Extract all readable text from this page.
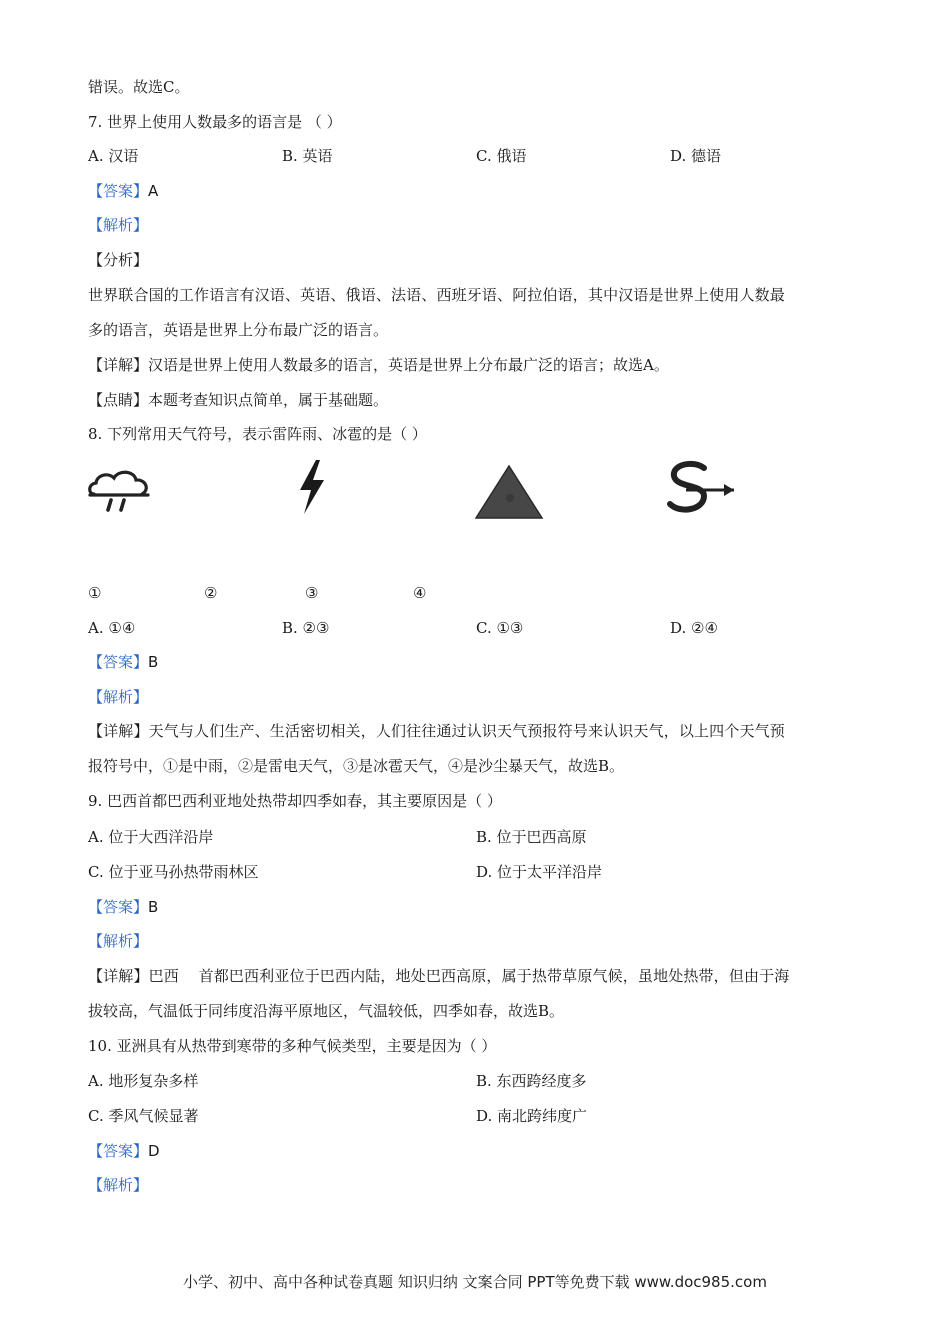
错误。故选C。
7. 世界上使用人数最多的语言是 （ ）
A. 汉语	B. 英语	C. 俄语	D. 德语
【答案】A
【解析】
【分析】
世界联合国的工作语言有汉语、英语、俄语、法语、西班牙语、阿拉伯语，其中汉语是世界上使用人数最
多的语言，英语是世界上分布最广泛的语言。
【详解】汉语是世界上使用人数最多的语言，英语是世界上分布最广泛的语言；故选A。
【点睛】本题考查知识点简单，属于基础题。
8. 下列常用天气符号，表示雷阵雨、冰雹的是（ ）
①	②	③	④
A. ①④	B. ②③	C. ①③	D. ②④
【答案】B
【解析】
【详解】天气与人们生产、生活密切相关，人们往往通过认识天气预报符号来认识天气，以上四个天气预
报符号中，①是中雨，②是雷电天气，③是冰雹天气，④是沙尘暴天气，故选B。
9. 巴西首都巴西利亚地处热带却四季如春，其主要原因是（ ）
A. 位于大西洋沿岸	B. 位于巴西高原
C. 位于亚马孙热带雨林区	D. 位于太平洋沿岸
【答案】B
【解析】
【详解】巴西    首都巴西利亚位于巴西内陆，地处巴西高原，属于热带草原气候，虽地处热带，但由于海
拔较高，气温低于同纬度沿海平原地区，气温较低，四季如春，故选B。
10. 亚洲具有从热带到寒带的多种气候类型，主要是因为（ ）
A. 地形复杂多样	B. 东西跨经度多
C. 季风气候显著	D. 南北跨纬度广
【答案】D
【解析】
小学、初中、高中各种试卷真题 知识归纳 文案合同 PPT等免费下载 www.doc985.com
